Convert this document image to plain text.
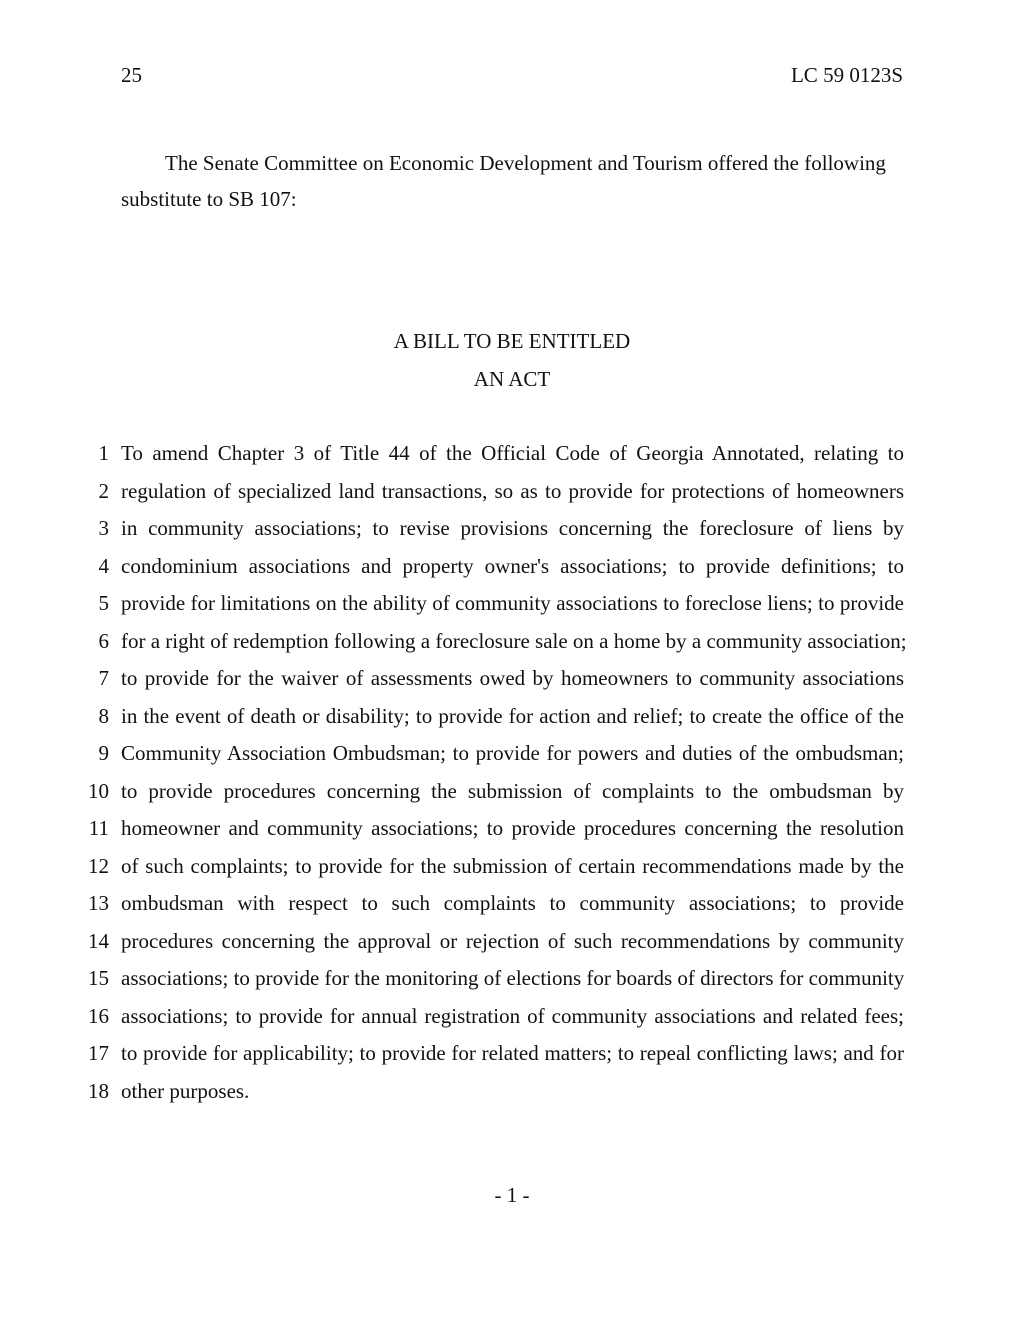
25	LC 59 0123S
The Senate Committee on Economic Development and Tourism offered the following
substitute to SB 107:
A BILL TO BE ENTITLED
AN ACT
1 To amend Chapter 3 of Title 44 of the Official Code of Georgia Annotated, relating to
2 regulation of specialized land transactions, so as to provide for protections of homeowners
3 in community associations; to revise provisions concerning the foreclosure of liens by
4 condominium associations and property owner's associations; to provide definitions; to
5 provide for limitations on the ability of community associations to foreclose liens; to provide
6 for a right of redemption following a foreclosure sale on a home by a community association;
7 to provide for the waiver of assessments owed by homeowners to community associations
8 in the event of death or disability; to provide for action and relief; to create the office of the
9 Community Association Ombudsman; to provide for powers and duties of the ombudsman;
10 to provide procedures concerning the submission of complaints to the ombudsman by
11 homeowner and community associations; to provide procedures concerning the resolution
12 of such complaints; to provide for the submission of certain recommendations made by the
13 ombudsman with respect to such complaints to community associations; to provide
14 procedures concerning the approval or rejection of such recommendations by community
15 associations; to provide for the monitoring of elections for boards of directors for community
16 associations; to provide for annual registration of community associations and related fees;
17 to provide for applicability; to provide for related matters; to repeal conflicting laws; and for
18 other purposes.
- 1 -
